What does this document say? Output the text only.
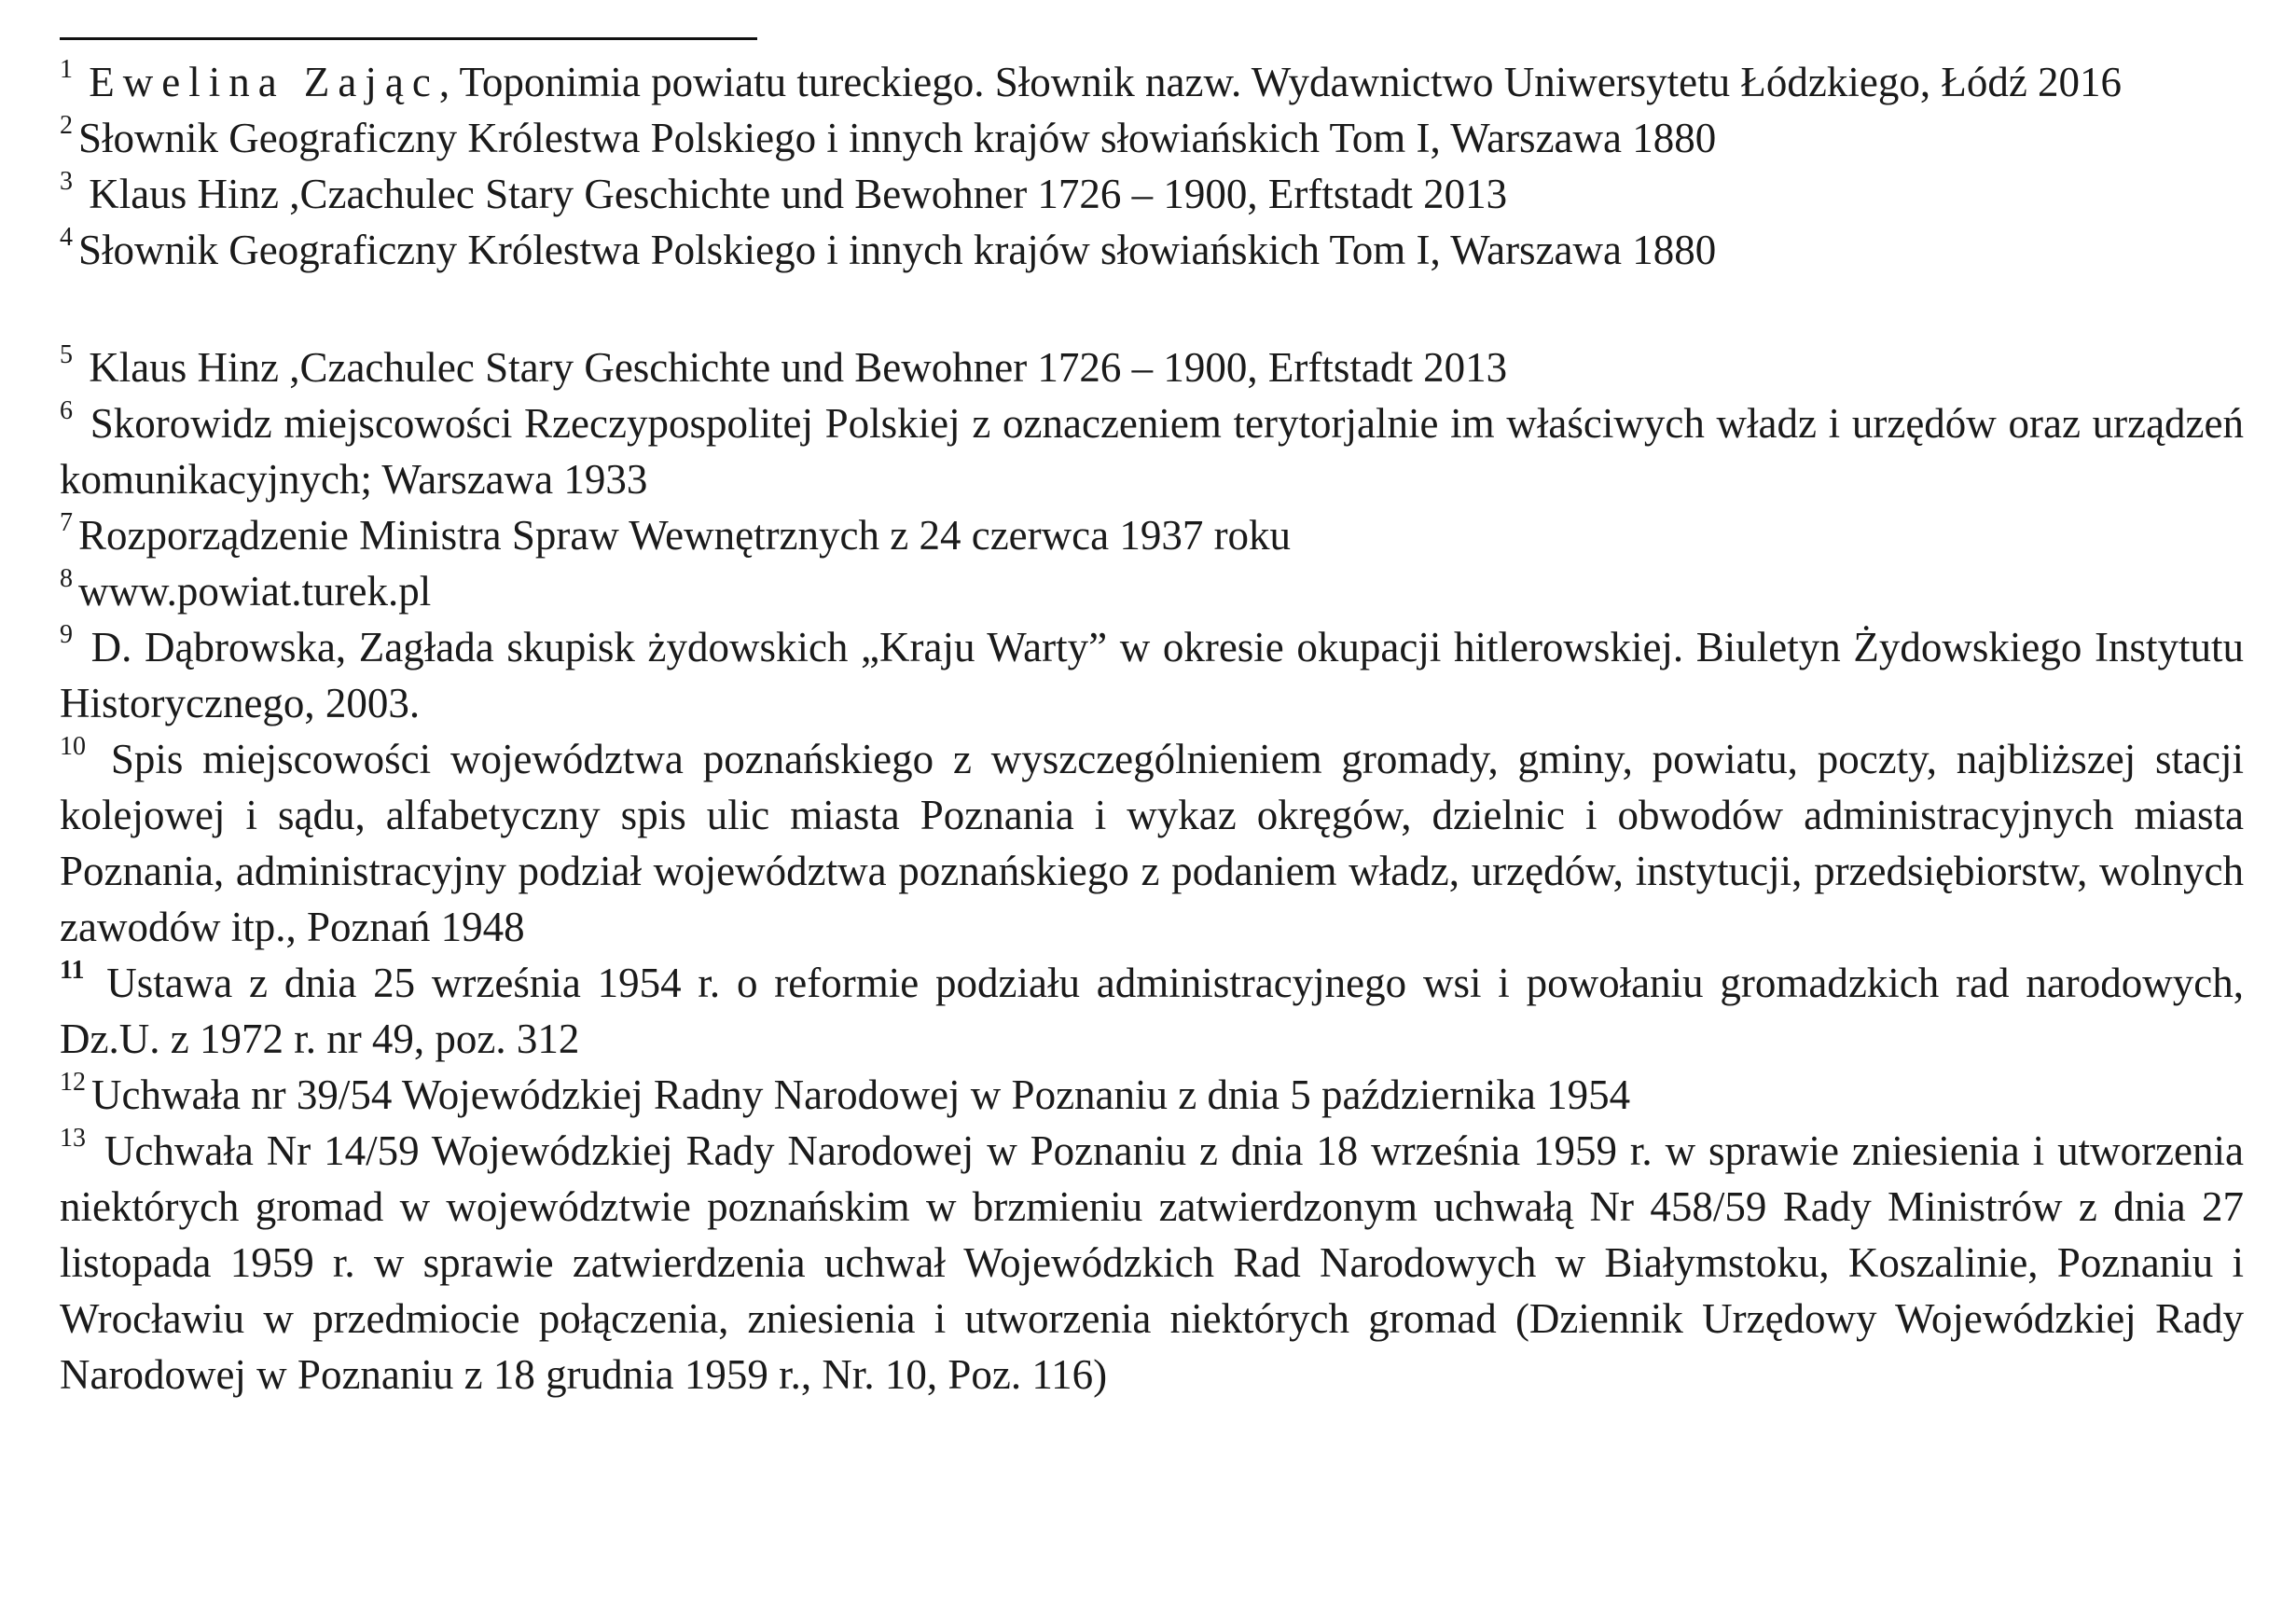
$^1$ Ewelina Zając, Toponimia powiatu tureckiego. Słownik nazw. Wydawnictwo Uniwersytetu Łódzkiego, Łódź 2016

$^2$ Słownik Geograficzny Królestwa Polskiego i innych krajów słowiańskich Tom I, Warszawa 1880

$^3$ Klaus Hinz ,Czachulec Stary Geschichte und Bewohner 1726 – 1900, Erftstadt 2013

$^4$ Słownik Geograficzny Królestwa Polskiego i innych krajów słowiańskich Tom I, Warszawa 1880

$^5$ Klaus Hinz ,Czachulec Stary Geschichte und Bewohner 1726 – 1900, Erftstadt 2013

$^6$ Skorowidz miejscowości Rzeczypospolitej Polskiej z oznaczeniem terytorjalnie im właściwych władz i urzędów oraz urządzeń komunikacyjnych; Warszawa 1933

$^7$ Rozporządzenie Ministra Spraw Wewnętrznych z 24 czerwca 1937 roku

$^8$ www.powiat.turek.pl

$^9$ D. Dąbrowska, Zagłada skupisk żydowskich „Kraju Warty” w okresie okupacji hitlerowskiej. Biuletyn Żydowskiego Instytutu Historycznego, 2003.

$^{10}$ Spis miejscowości województwa poznańskiego z wyszczególnieniem gromady, gminy, powiatu, poczty, najbliższej stacji kolejowej i sądu, alfabetyczny spis ulic miasta Poznania i wykaz okręgów, dzielnic i obwodów administracyjnych miasta Poznania, administracyjny podział województwa poznańskiego z podaniem władz, urzędów, instytucji, przedsiębiorstw, wolnych zawodów itp., Poznań 1948

$^{11}$ Ustawa z dnia 25 września 1954 r. o reformie podziału administracyjnego wsi i powołaniu gromadzkich rad narodowych, Dz.U. z 1972 r. nr 49, poz. 312

$^{12}$ Uchwała nr 39/54 Wojewódzkiej Radny Narodowej w Poznaniu z dnia 5 października 1954

$^{13}$ Uchwała Nr 14/59 Wojewódzkiej Rady Narodowej w Poznaniu z dnia 18 września 1959 r. w sprawie zniesienia i utworzenia niektórych gromad w województwie poznańskim w brzmieniu zatwierdzonym uchwałą Nr 458/59 Rady Ministrów z dnia 27 listopada 1959 r. w sprawie zatwierdzenia uchwał Wojewódzkich Rad Narodowych w Białymstoku, Koszalinie, Poznaniu i Wrocławiu w przedmiocie połączenia, zniesienia i utworzenia niektórych gromad (Dziennik Urzędowy Wojewódzkiej Rady Narodowej w Poznaniu z 18 grudnia 1959 r., Nr. 10, Poz. 116)
